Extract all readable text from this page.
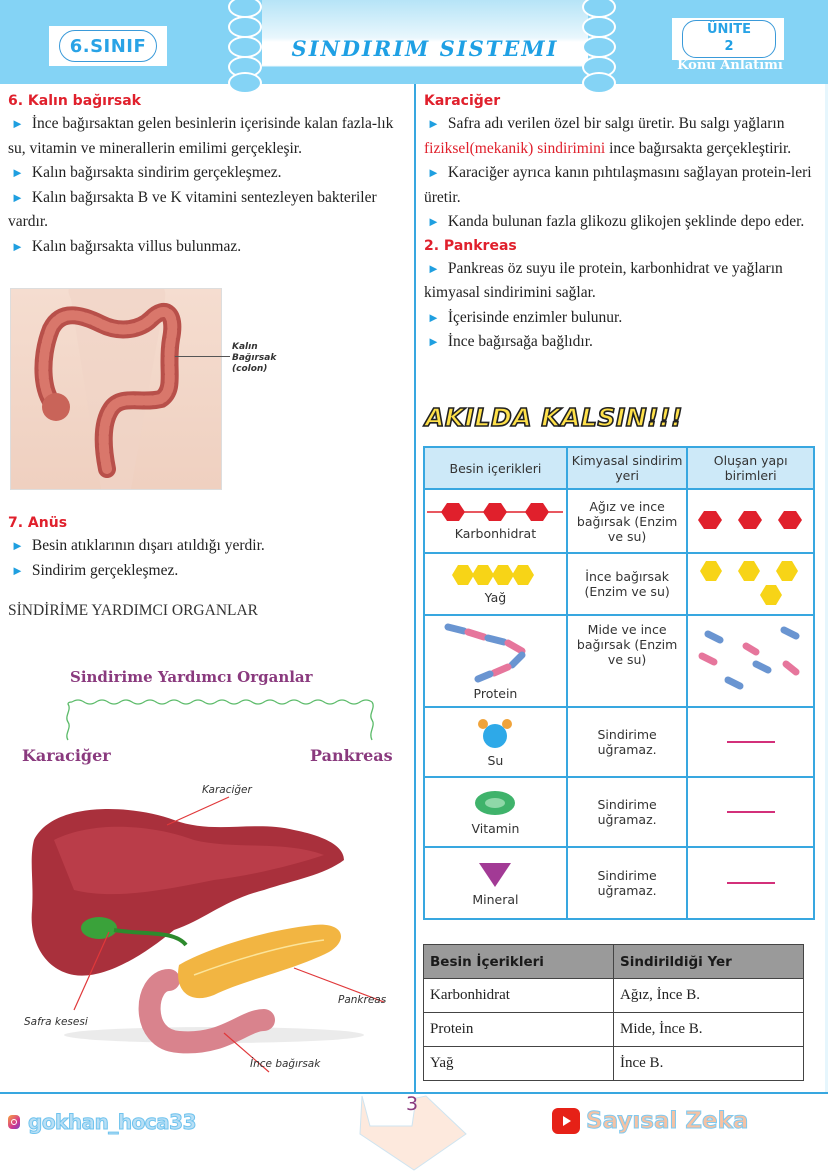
6.SINIF	SINDIRIM SISTEMI
ÜNITE
2
Konu Anlatımı
6. Kalın bağırsak
► İnce bağırsaktan gelen besinlerin içerisinde kalan fazla-lık su, vitamin ve minerallerin emilimi gerçekleşir.
► Kalın bağırsakta sindirim gerçekleşmez.
► Kalın bağırsakta B ve K vitamini sentezleyen bakteriler vardır.
► Kalın bağırsakta villus bulunmaz.
Kalın
Bağırsak
(colon)
7. Anüs
► Besin atıklarının dışarı atıldığı yerdir.
► Sindirim gerçekleşmez.
SİNDİRİME YARDIMCI ORGANLAR
Sindirime Yardımcı Organlar
Karaciğer	Pankreas
Karaciğer
Safra kesesi
Pankreas
İnce bağırsak
Karaciğer
► Safra adı verilen özel bir salgı üretir. Bu salgı yağların fiziksel(mekanik) sindirimini ince bağırsakta gerçekleştirir.
► Karaciğer ayrıca kanın pıhtılaşmasını sağlayan protein-leri üretir.
► Kanda bulunan fazla glikozu glikojen şeklinde depo eder.
2. Pankreas
► Pankreas öz suyu ile protein, karbonhidrat ve yağların kimyasal sindirimini sağlar.
► İçerisinde enzimler bulunur.
► İnce bağırsağa bağlıdır.
AKILDA KALSIN!!!
Besin içerikleri	Kimyasal sindirim yeri	Oluşan yapı birimleri

Karbonhidrat	Ağız ve ince bağırsak (Enzim ve su)	

Yağ	İnce bağırsak (Enzim ve su)	

Protein	Mide ve ince bağırsak (Enzim ve su)	

Su	Sindirime uğramaz.	

Vitamin	Sindirime uğramaz.	

Mineral	Sindirime uğramaz.	
Besin İçerikleri	Sindirildiği Yer
Karbonhidrat	Ağız, İnce B.
Protein	Mide, İnce B.
Yağ	İnce B.
3
gokhan_hoca33	Sayısal Zeka
